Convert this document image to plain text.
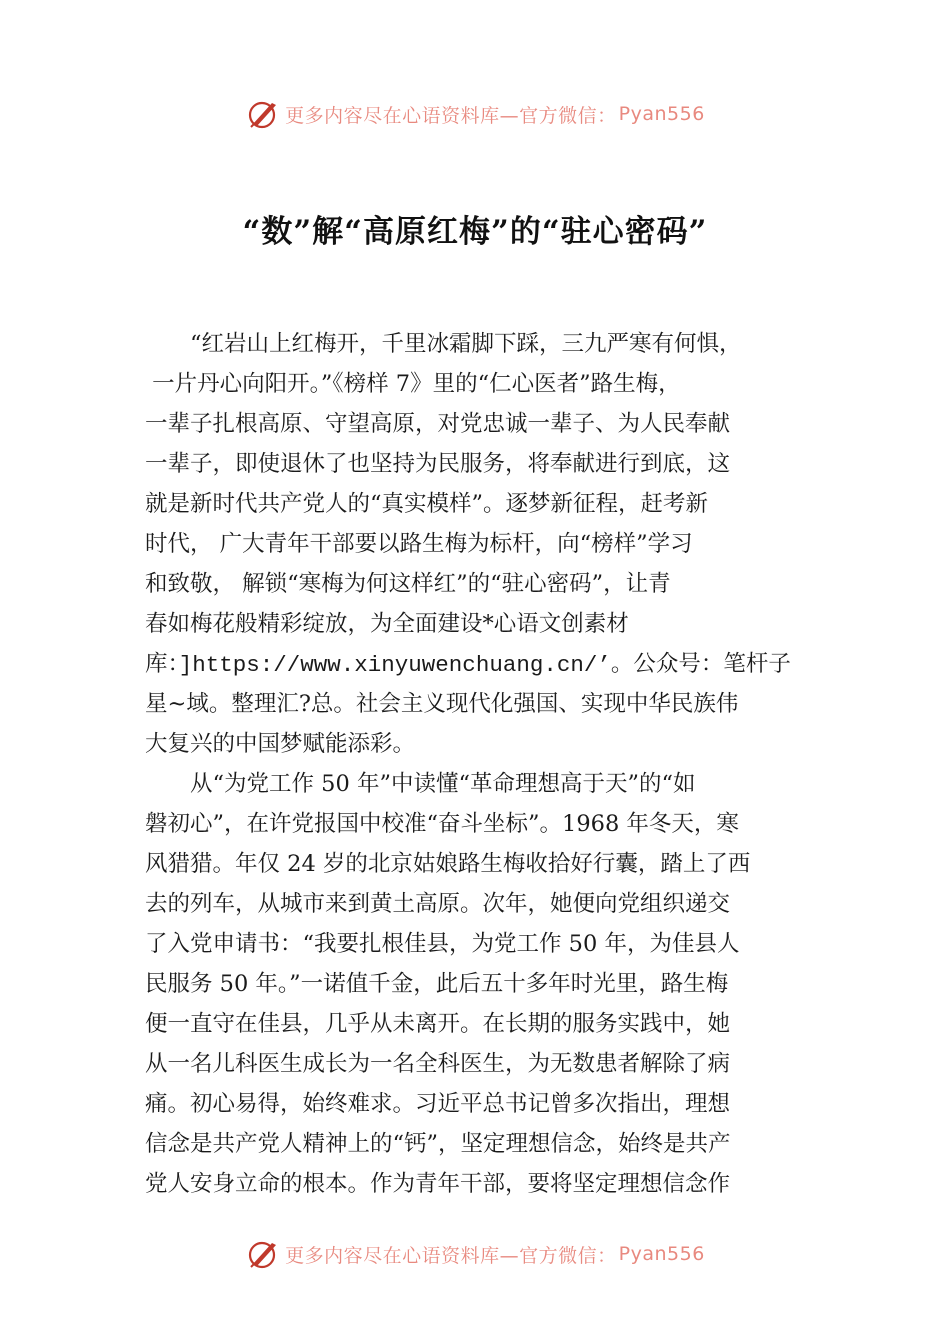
更多内容尽在心语资料库—官方微信： Pyan556
“数”解“高原红梅”的“驻心密码”
　　“红岩山上红梅开，千里冰霜脚下踩，三九严寒有何惧，
一片丹心向阳开。”《榜样 7》里的“仁心医者”路生梅，
一辈子扎根高原、守望高原，对党忠诚一辈子、为人民奉献
一辈子，即使退休了也坚持为民服务，将奉献进行到底，这
就是新时代共产党人的“真实模样”。逐梦新征程，赶考新
时代， 广大青年干部要以路生梅为标杆，向“榜样”学习
和致敬， 解锁“寒梅为何这样红”的“驻心密码”，让青
春如梅花般精彩绽放，为全面建设*心语文创素材
库：]https://www.xinyuwenchuang.cn/’。公众号：笔杆子
星~域。整理汇?总。社会主义现代化强国、实现中华民族伟
大复兴的中国梦赋能添彩。
　　从“为党工作 50 年”中读懂“革命理想高于天”的“如
磐初心”，在许党报国中校准“奋斗坐标”。1968 年冬天，寒
风猎猎。年仅 24 岁的北京姑娘路生梅收拾好行囊，踏上了西
去的列车，从城市来到黄土高原。次年，她便向党组织递交
了入党申请书：“我要扎根佳县，为党工作 50 年，为佳县人
民服务 50 年。”一诺值千金，此后五十多年时光里，路生梅
便一直守在佳县，几乎从未离开。在长期的服务实践中，她
从一名儿科医生成长为一名全科医生，为无数患者解除了病
痛。初心易得，始终难求。习近平总书记曾多次指出，理想
信念是共产党人精神上的“钙”，坚定理想信念，始终是共产
党人安身立命的根本。作为青年干部，要将坚定理想信念作
更多内容尽在心语资料库—官方微信： Pyan556
